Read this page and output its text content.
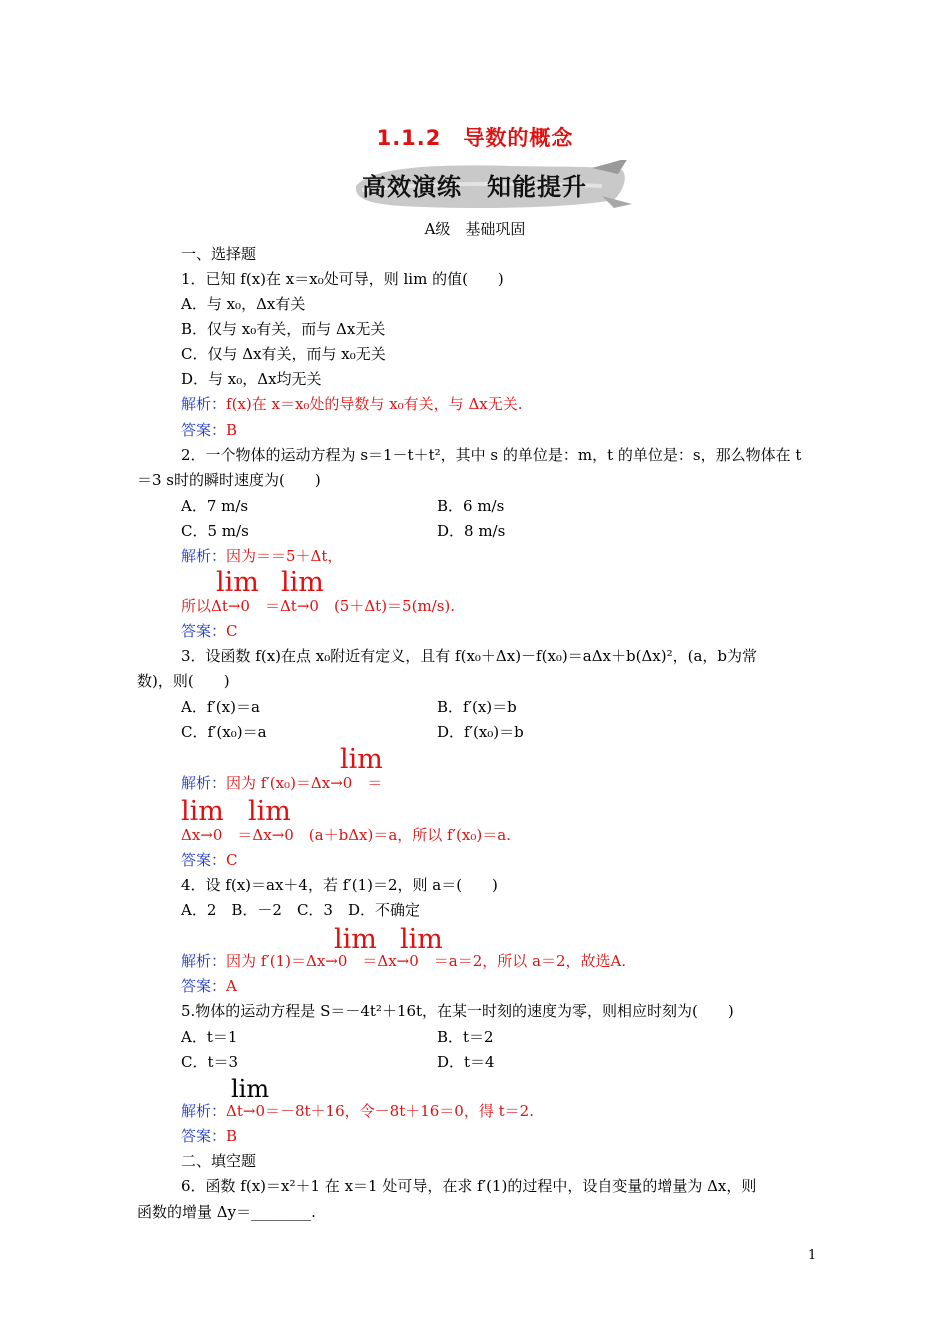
1.1.2　导数的概念
高效演练　知能提升
A级　基础巩固
一、选择题
1．已知 f(x)在 x＝x₀处可导，则 lim 的值(　　)
A．与 x₀，Δx有关
B．仅与 x₀有关，而与 Δx无关
C．仅与 Δx有关，而与 x₀无关
D．与 x₀，Δx均无关
解析：f(x)在 x＝x₀处的导数与 x₀有关，与 Δx无关.
答案：B
2．一个物体的运动方程为 s＝1－t＋t²，其中 s 的单位是：m，t 的单位是：s，那么物体在 t
＝3 s时的瞬时速度为(　　)
A．7 m/s	B．6 m/s
C．5 m/s	D．8 m/s
解析：因为＝＝5＋Δt，
lim lim
所以Δt→0　＝Δt→0　(5＋Δt)＝5(m/s).
答案：C
3．设函数 f(x)在点 x₀附近有定义，且有 f(x₀＋Δx)－f(x₀)＝aΔx＋b(Δx)²，(a，b为常
数)，则(　　)
A．f′(x)＝a	B．f′(x)＝b
C．f′(x₀)＝a	D．f′(x₀)＝b
lim
解析：因为 f′(x₀)＝Δx→0　＝
lim lim
Δx→0　＝Δx→0　(a＋bΔx)＝a，所以 f′(x₀)＝a.
答案：C
4．设 f(x)＝ax＋4，若 f′(1)＝2，则 a＝(　　)
A．2　B．－2　C．3　D．不确定
lim lim
解析：因为 f′(1)＝Δx→0　＝Δx→0　＝a＝2，所以 a＝2，故选A.
答案：A
5.物体的运动方程是 S＝－4t²＋16t，在某一时刻的速度为零，则相应时刻为(　　)
A．t＝1	B．t＝2
C．t＝3	D．t＝4
lim
解析：Δt→0＝－8t＋16，令－8t＋16＝0，得 t＝2.
答案：B
二、填空题
6．函数 f(x)＝x²＋1 在 x＝1 处可导，在求 f′(1)的过程中，设自变量的增量为 Δx，则
函数的增量 Δy＝________.
1
